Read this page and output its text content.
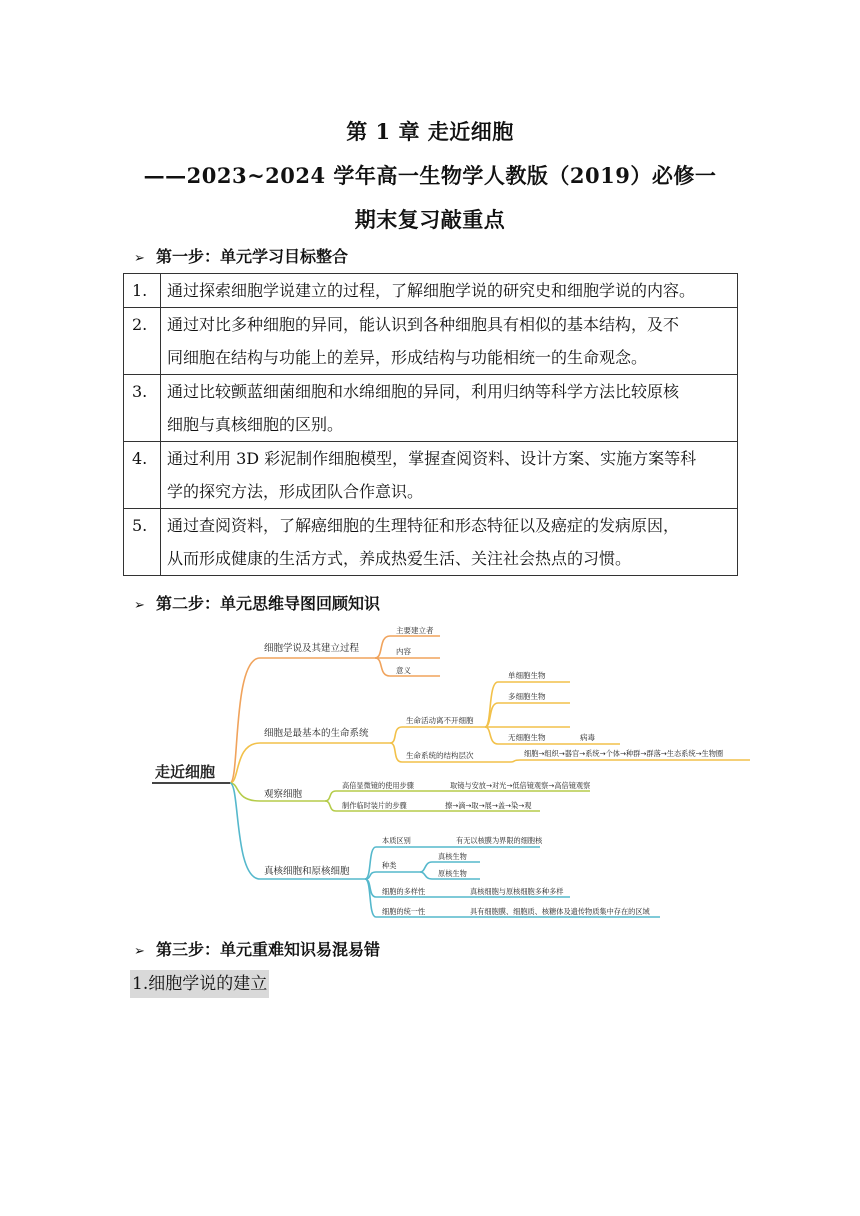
第 1 章 走近细胞
——2023~2024 学年高一生物学人教版（2019）必修一
期末复习敲重点
➢ 第一步：单元学习目标整合
1.	通过探索细胞学说建立的过程，了解细胞学说的研究史和细胞学说的内容。
2.	通过对比多种细胞的异同，能认识到各种细胞具有相似的基本结构，及不
同细胞在结构与功能上的差异，形成结构与功能相统一的生命观念。
3.	通过比较颤蓝细菌细胞和水绵细胞的异同，利用归纳等科学方法比较原核
细胞与真核细胞的区别。
4.	通过利用 3D 彩泥制作细胞模型，掌握查阅资料、设计方案、实施方案等科
学的探究方法，形成团队合作意识。
5.	通过查阅资料，了解癌细胞的生理特征和形态特征以及癌症的发病原因，
从而形成健康的生活方式，养成热爱生活、关注社会热点的习惯。
➢ 第二步：单元思维导图回顾知识
走近细胞
细胞学说及其建立过程
主要建立者
内容
意义
细胞是最基本的生命系统
生命活动离不开细胞
单细胞生物
多细胞生物
无细胞生物	病毒
生命系统的结构层次	细胞→组织→器官→系统→个体→种群→群落→生态系统→生物圈
观察细胞
高倍显微镜的使用步骤	取镜与安放→对光→低倍镜观察→高倍镜观察
制作临时装片的步骤	擦→滴→取→展→盖→染→观
真核细胞和原核细胞
本质区别	有无以核膜为界限的细胞核
种类
真核生物
原核生物
细胞的多样性	真核细胞与原核细胞多种多样
细胞的统一性	具有细胞膜、细胞质、核糖体及遗传物质集中存在的区域
➢ 第三步：单元重难知识易混易错
1.细胞学说的建立
